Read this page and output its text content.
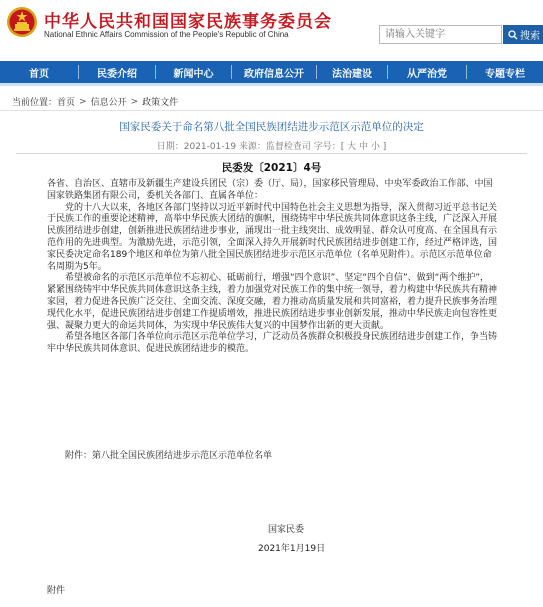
中华人民共和国国家民族事务委员会
National Ethnic Affairs Commission of the People's Republic of China
请输入关键字	搜索
首页	民委介绍	新闻中心	政府信息公开	法治建设	从严治党	专题专栏
当前位置： 首页 > 信息公开 > 政策文件
国家民委关于命名第八批全国民族团结进步示范区示范单位的决定
日期：2021-01-19 来源：监督检查司 字号：[ 大 中 小 ]
民委发〔2021〕4号

各省、自治区、直辖市及新疆生产建设兵团民（宗）委（厅、局），国家移民管理局、中央军委政治工作部、中国国家铁路集团有限公司，委机关各部门、直属各单位：

党的十八大以来，各地区各部门坚持以习近平新时代中国特色社会主义思想为指导，深入贯彻习近平总书记关于民族工作的重要论述精神，高举中华民族大团结的旗帜，围绕铸牢中华民族共同体意识这条主线，广泛深入开展民族团结进步创建，创新推进民族团结进步事业，涌现出一批主线突出、成效明显、群众认可度高、在全国具有示范作用的先进典型。为激励先进，示范引领，全面深入持久开展新时代民族团结进步创建工作，经过严格评选，国家民委决定命名189个地区和单位为第八批全国民族团结进步示范区示范单位（名单见附件）。示范区示范单位命名周期为5年。

希望被命名的示范区示范单位不忘初心、砥砺前行，增强“四个意识”、坚定“四个自信”、做到“两个维护”，紧紧围绕铸牢中华民族共同体意识这条主线，着力加强党对民族工作的集中统一领导，着力构建中华民族共有精神家园，着力促进各民族广泛交往、全面交流、深度交融，着力推动高质量发展和共同富裕，着力提升民族事务治理现代化水平，促进民族团结进步创建工作提质增效，推进民族团结进步事业创新发展，推动中华民族走向包容性更强、凝聚力更大的命运共同体，为实现中华民族伟大复兴的中国梦作出新的更大贡献。

希望各地区各部门各单位向示范区示范单位学习，广泛动员各族群众积极投身民族团结进步创建工作，争当铸牢中华民族共同体意识、促进民族团结进步的模范。

附件：第八批全国民族团结进步示范区示范单位名单
国家民委
2021年1月19日
附件
